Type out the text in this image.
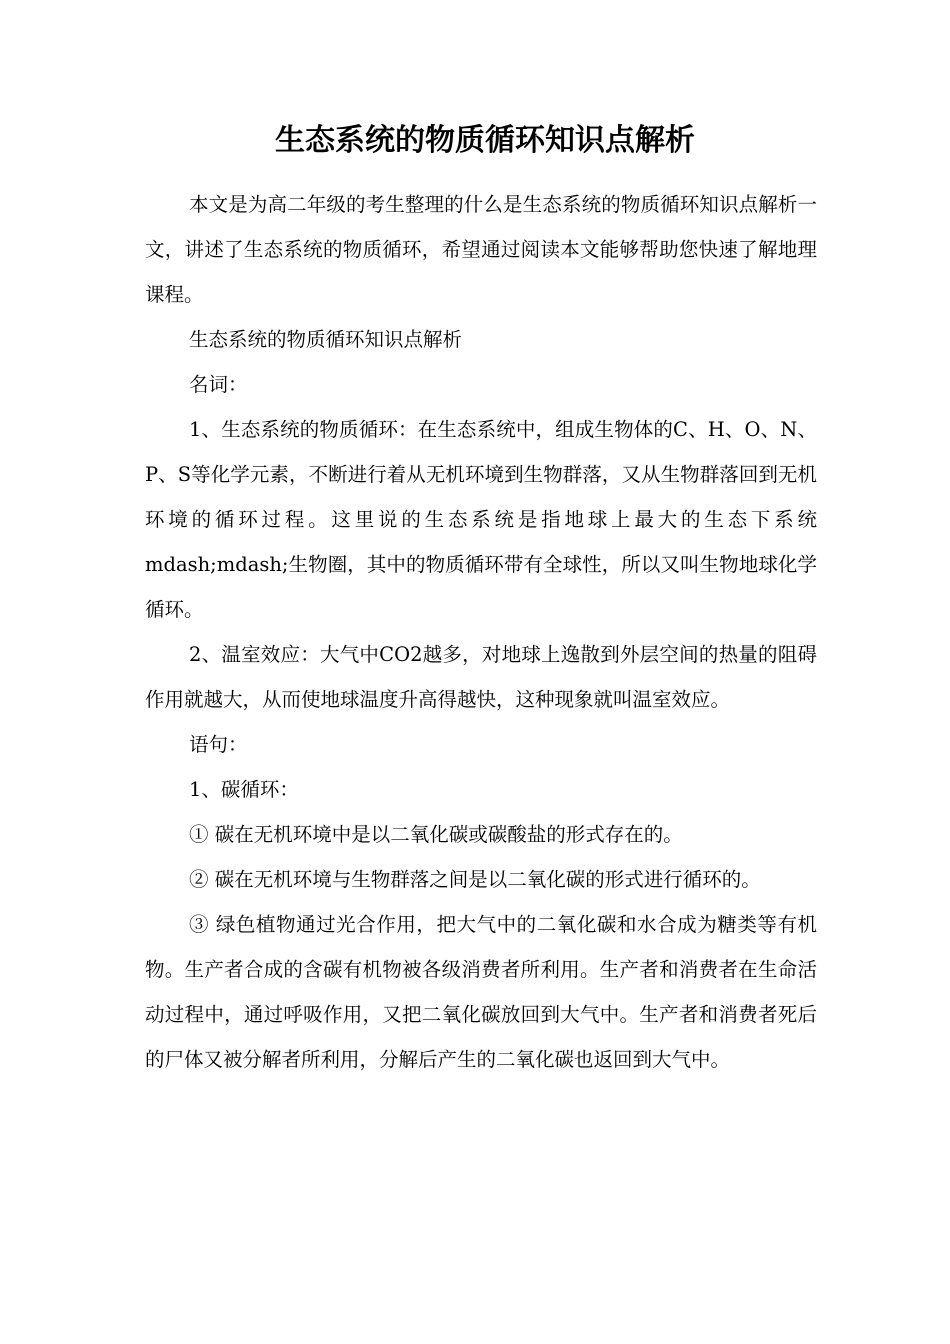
生态系统的物质循环知识点解析

本文是为高二年级的考生整理的什么是生态系统的物质循环知识点解析一文，讲述了生态系统的物质循环，希望通过阅读本文能够帮助您快速了解地理课程。

生态系统的物质循环知识点解析

名词：

1、生态系统的物质循环：在生态系统中，组成生物体的C、H、O、N、P、S等化学元素，不断进行着从无机环境到生物群落，又从生物群落回到无机环境的循环过程。这里说的生态系统是指地球上最大的生态下系统mdash;mdash;生物圈，其中的物质循环带有全球性，所以又叫生物地球化学循环。

2、温室效应：大气中CO2越多，对地球上逸散到外层空间的热量的阻碍作用就越大，从而使地球温度升高得越快，这种现象就叫温室效应。

语句：

1、碳循环：

① 碳在无机环境中是以二氧化碳或碳酸盐的形式存在的。

② 碳在无机环境与生物群落之间是以二氧化碳的形式进行循环的。

③ 绿色植物通过光合作用，把大气中的二氧化碳和水合成为糖类等有机物。生产者合成的含碳有机物被各级消费者所利用。生产者和消费者在生命活动过程中，通过呼吸作用，又把二氧化碳放回到大气中。生产者和消费者死后的尸体又被分解者所利用，分解后产生的二氧化碳也返回到大气中。
